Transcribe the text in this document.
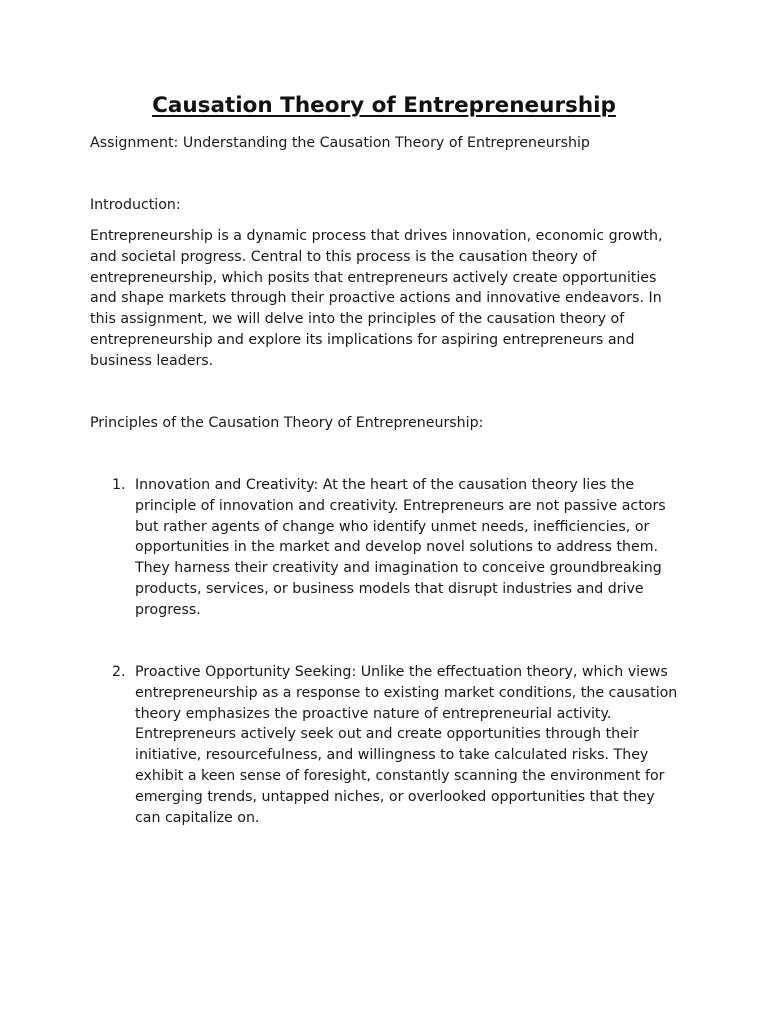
Causation Theory of Entrepreneurship

Assignment: Understanding the Causation Theory of Entrepreneurship

Introduction:

Entrepreneurship is a dynamic process that drives innovation, economic growth, and societal progress. Central to this process is the causation theory of entrepreneurship, which posits that entrepreneurs actively create opportunities and shape markets through their proactive actions and innovative endeavors. In this assignment, we will delve into the principles of the causation theory of entrepreneurship and explore its implications for aspiring entrepreneurs and business leaders.

Principles of the Causation Theory of Entrepreneurship:

1. Innovation and Creativity: At the heart of the causation theory lies the principle of innovation and creativity. Entrepreneurs are not passive actors but rather agents of change who identify unmet needs, inefficiencies, or opportunities in the market and develop novel solutions to address them. They harness their creativity and imagination to conceive groundbreaking products, services, or business models that disrupt industries and drive progress.

2. Proactive Opportunity Seeking: Unlike the effectuation theory, which views entrepreneurship as a response to existing market conditions, the causation theory emphasizes the proactive nature of entrepreneurial activity. Entrepreneurs actively seek out and create opportunities through their initiative, resourcefulness, and willingness to take calculated risks. They exhibit a keen sense of foresight, constantly scanning the environment for emerging trends, untapped niches, or overlooked opportunities that they can capitalize on.
